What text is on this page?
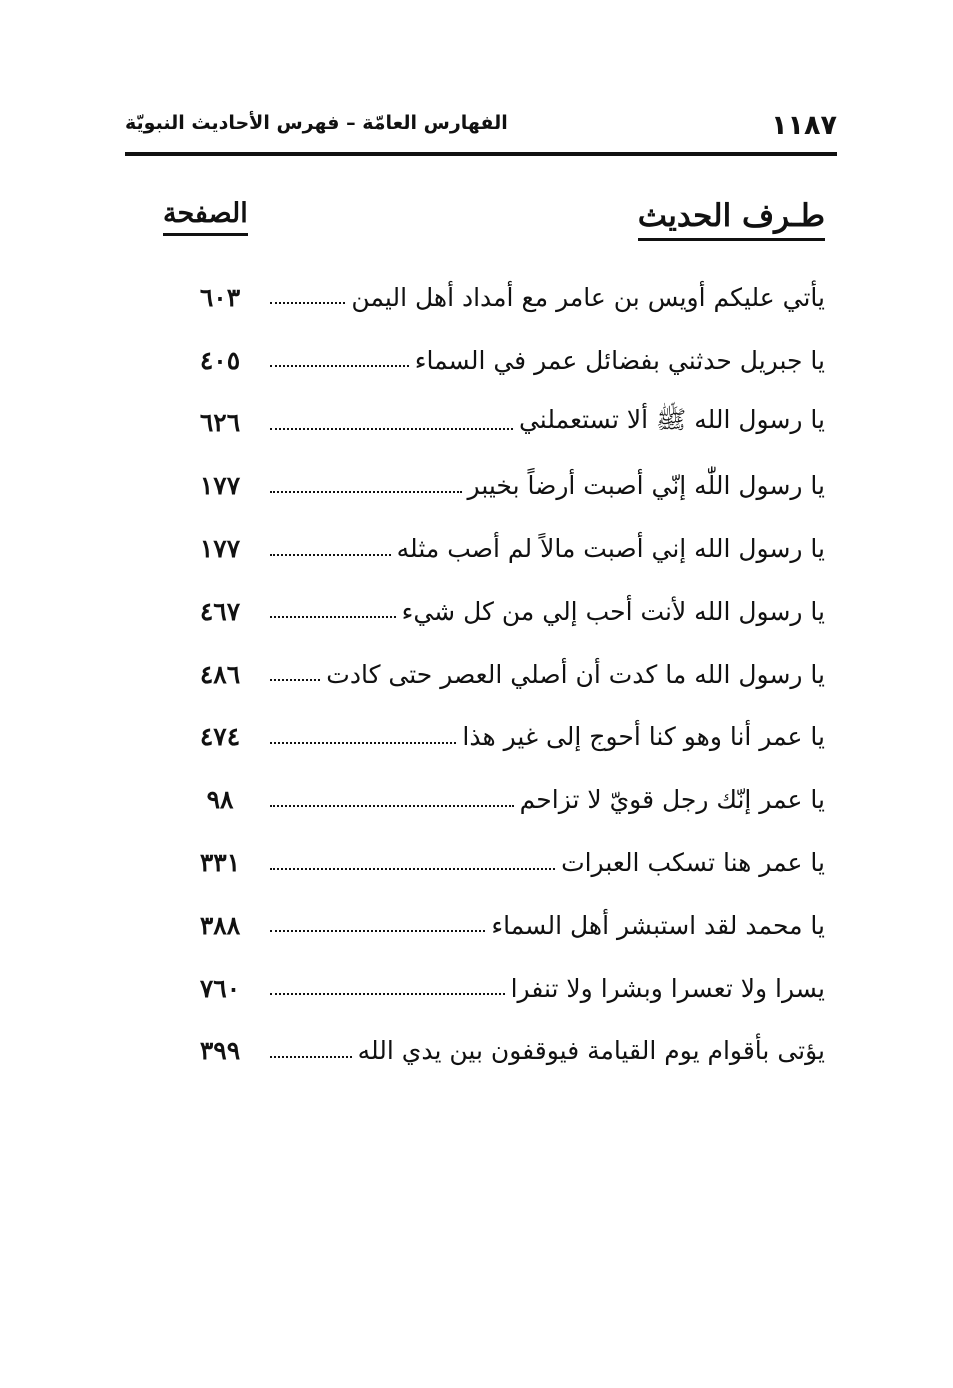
١١٨٧
الفهارس العامّة – فهرس الأحاديث النبويّة
طـرف الحديث
الصفحة
يأتي عليكم أويس بن عامر مع أمداد أهل اليمن
٦٠٣
يا جبريل حدثني بفضائل عمر في السماء
٤٠٥
يا رسول الله ﷺ ألا تستعملني
٦٢٦
يا رسول اللّٰه إنّي أصبت أرضاً بخيبر
١٧٧
يا رسول الله إني أصبت مالاً لم أصب مثله
١٧٧
يا رسول الله لأنت أحب إلي من كل شيء
٤٦٧
يا رسول الله ما كدت أن أصلي العصر حتى كادت
٤٨٦
يا عمر أنا وهو كنا أحوج إلى غير هذا
٤٧٤
يا عمر إنّك رجل قويّ لا تزاحم
٩٨
يا عمر هنا تسكب العبرات
٣٣١
يا محمد لقد استبشر أهل السماء
٣٨٨
يسرا ولا تعسرا وبشرا ولا تنفرا
٧٦٠
يؤتى بأقوام يوم القيامة فيوقفون بين يدي الله
٣٩٩
